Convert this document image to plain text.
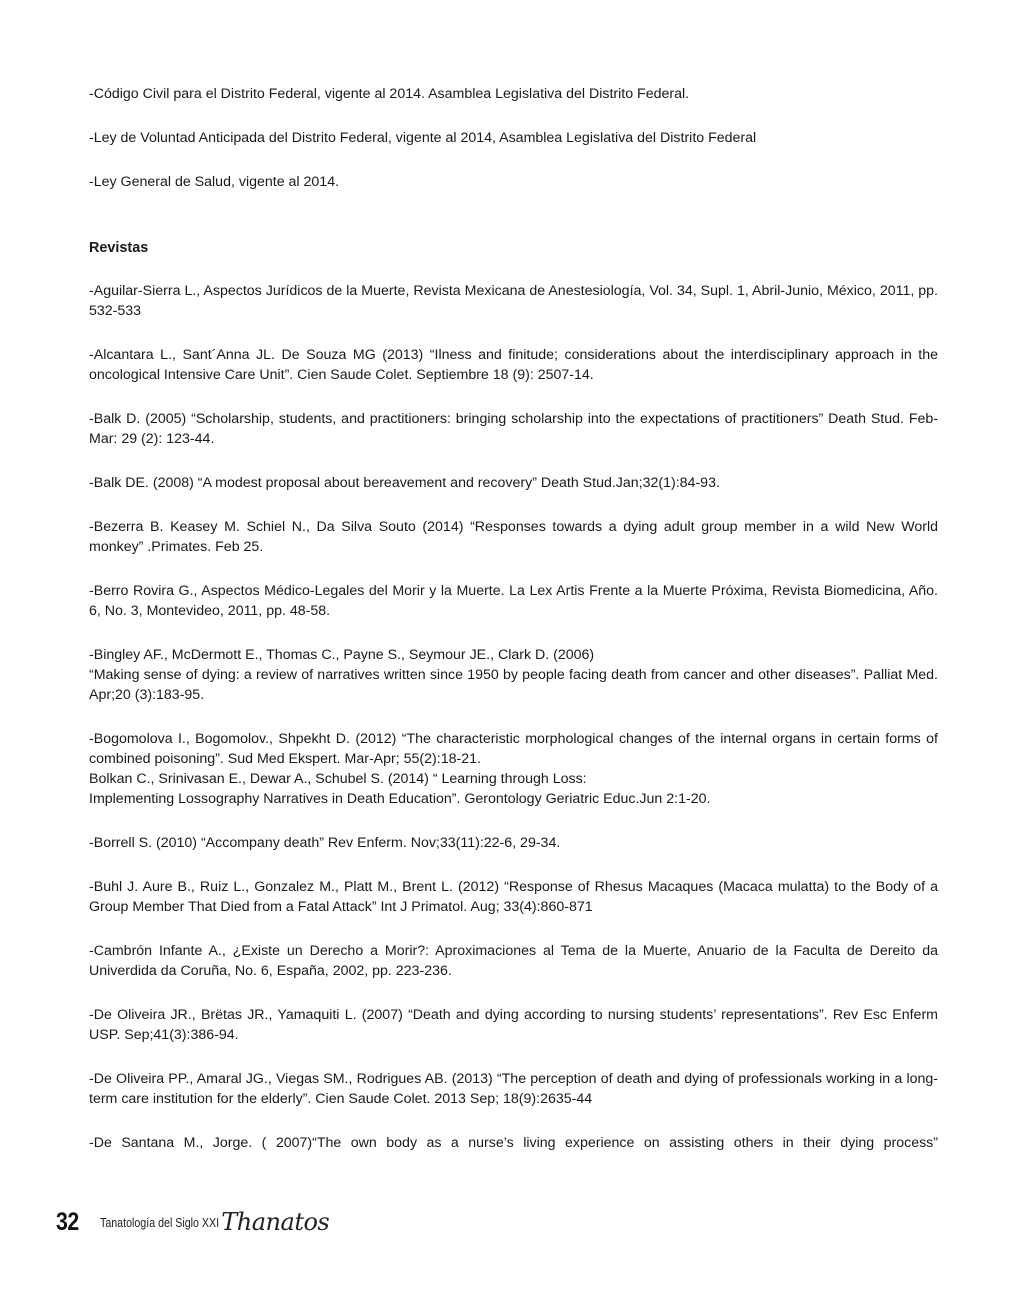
-Código Civil para el Distrito Federal, vigente al 2014. Asamblea Legislativa del Distrito Federal.

-Ley de Voluntad Anticipada del Distrito Federal, vigente al 2014, Asamblea Legislativa del Distrito Federal

-Ley General de Salud, vigente al 2014.

Revistas

-Aguilar-Sierra L., Aspectos Jurídicos de la Muerte, Revista Mexicana de Anestesiología, Vol. 34, Supl. 1, Abril-Junio, México, 2011, pp. 532-533

-Alcantara L., Sant´Anna JL. De Souza MG (2013) “Ilness and finitude; considerations about the interdisciplinary approach in the oncological Intensive Care Unit”. Cien Saude Colet. Septiembre 18 (9): 2507-14.

-Balk D. (2005) “Scholarship, students, and practitioners: bringing scholarship into the expectations of practitioners” Death Stud. Feb-Mar: 29 (2): 123-44.

-Balk DE. (2008) “A modest proposal about bereavement and recovery” Death Stud.Jan;32(1):84-93.

-Bezerra B. Keasey M. Schiel N., Da Silva Souto (2014) “Responses towards a dying adult group member in a wild New World monkey” .Primates. Feb 25.

-Berro Rovira G., Aspectos Médico-Legales del Morir y la Muerte. La Lex Artis Frente a la Muerte Próxima, Revista Biomedicina, Año. 6, No. 3, Montevideo, 2011, pp. 48-58.

-Bingley AF., McDermott E., Thomas C., Payne S., Seymour JE., Clark D. (2006)
“Making sense of dying: a review of narratives written since 1950 by people facing death from cancer and other diseases”. Palliat Med. Apr;20 (3):183-95.

-Bogomolova I., Bogomolov., Shpekht D. (2012) “The characteristic morphological changes of the internal organs in certain forms of combined poisoning”. Sud Med Ekspert. Mar-Apr; 55(2):18-21.
Bolkan C., Srinivasan E., Dewar A., Schubel S. (2014) “ Learning through Loss:
Implementing Lossography Narratives in Death Education”. Gerontology Geriatric Educ.Jun 2:1-20.

-Borrell S. (2010) “Accompany death” Rev Enferm. Nov;33(11):22-6, 29-34.

-Buhl J. Aure B., Ruiz L., Gonzalez M., Platt M., Brent L. (2012) “Response of Rhesus Macaques (Macaca mulatta) to the Body of a Group Member That Died from a Fatal Attack” Int J Primatol. Aug; 33(4):860-871

-Cambrón Infante A., ¿Existe un Derecho a Morir?: Aproximaciones al Tema de la Muerte, Anuario de la Faculta de Dereito da Univerdida da Coruña, No. 6, España, 2002, pp. 223-236.

-De Oliveira JR., Brëtas JR., Yamaquiti L. (2007) “Death and dying according to nursing students’ representations”. Rev Esc Enferm USP. Sep;41(3):386-94.

-De Oliveira PP., Amaral JG., Viegas SM., Rodrigues AB. (2013) “The perception of death and dying of professionals working in a long-term care institution for the elderly”. Cien Saude Colet. 2013 Sep; 18(9):2635-44

-De Santana M., Jorge. ( 2007)“The own body as a nurse’s living experience on assisting others in their dying process”

32	Tanatología del Siglo XXI Thanatos
